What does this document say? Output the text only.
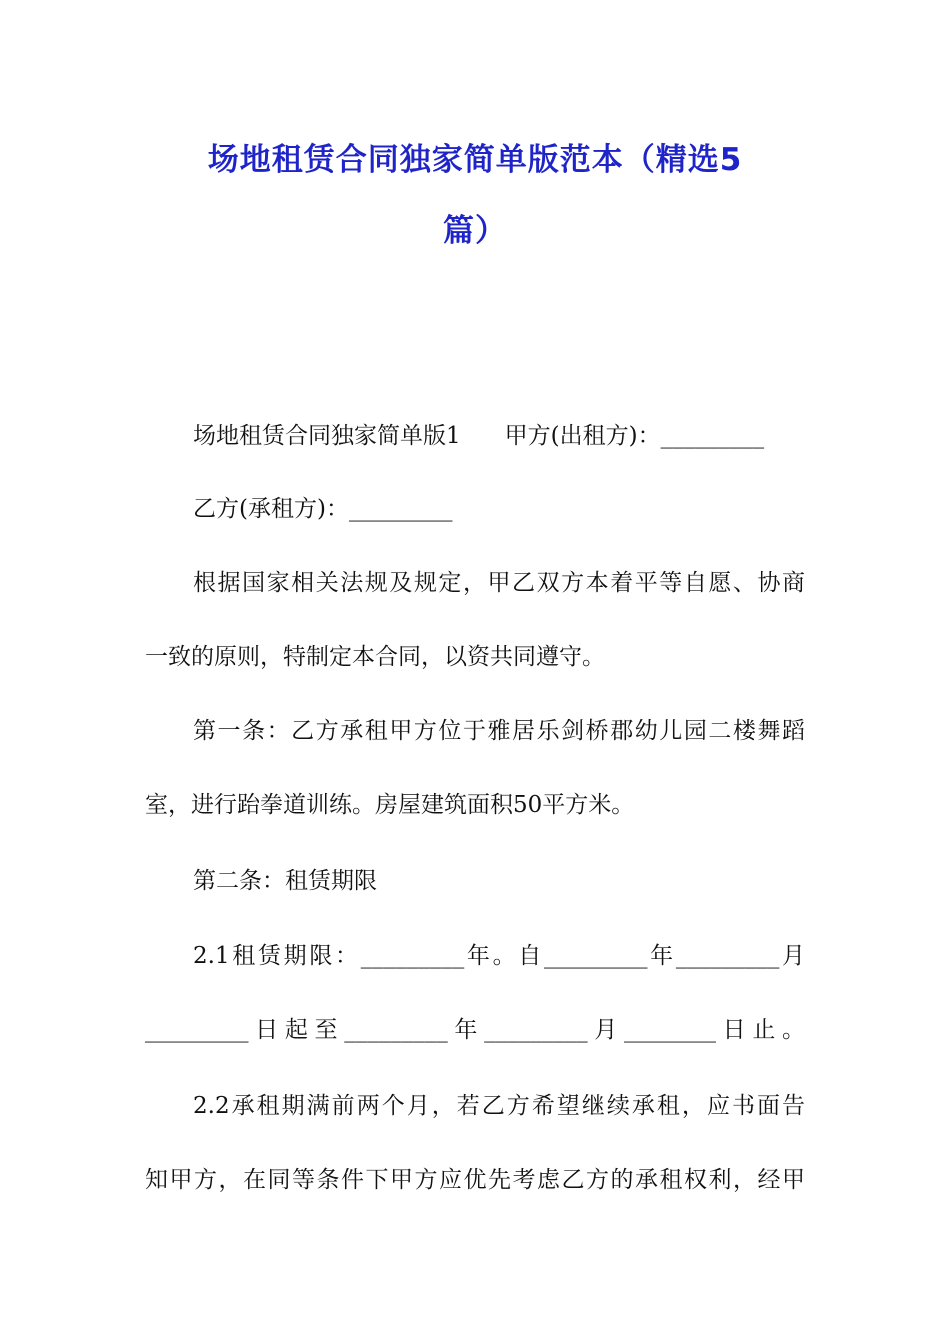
场地租赁合同独家简单版范本（精选5
篇）
场地租赁合同独家简单版1 甲方(出租方)：_________
乙方(承租方)：_________
根据国家相关法规及规定，甲乙双方本着平等自愿、协商
一致的原则，特制定本合同，以资共同遵守。
第一条：乙方承租甲方位于雅居乐剑桥郡幼儿园二楼舞蹈
室，进行跆拳道训练。房屋建筑面积50平方米。
第二条：租赁期限
2.1租赁期限：_________年。自_________年_________月
_________日起至_________年_________月________日止。
2.2承租期满前两个月，若乙方希望继续承租，应书面告
知甲方，在同等条件下甲方应优先考虑乙方的承租权利，经甲
